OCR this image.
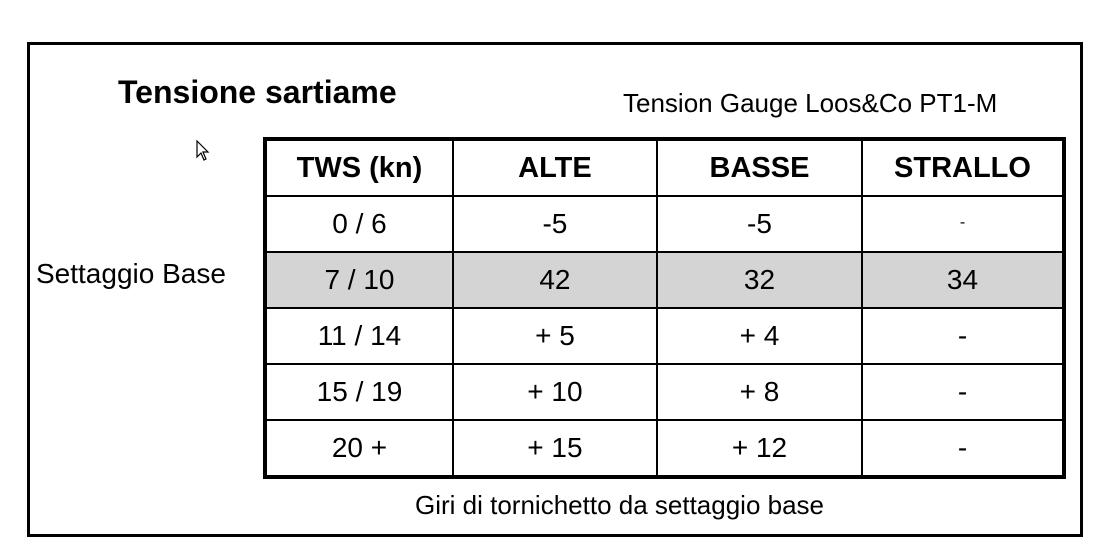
Tensione sartiame	Tension Gauge Loos&Co PT1-M
Settaggio Base
TWS (kn)	ALTE	BASSE	STRALLO
0 / 6	-5	-5	-
7 / 10	42	32	34
11 / 14	+ 5	+ 4	-
15 / 19	+ 10	+ 8	-
20 +	+ 15	+ 12	-
Giri di tornichetto da settaggio base
